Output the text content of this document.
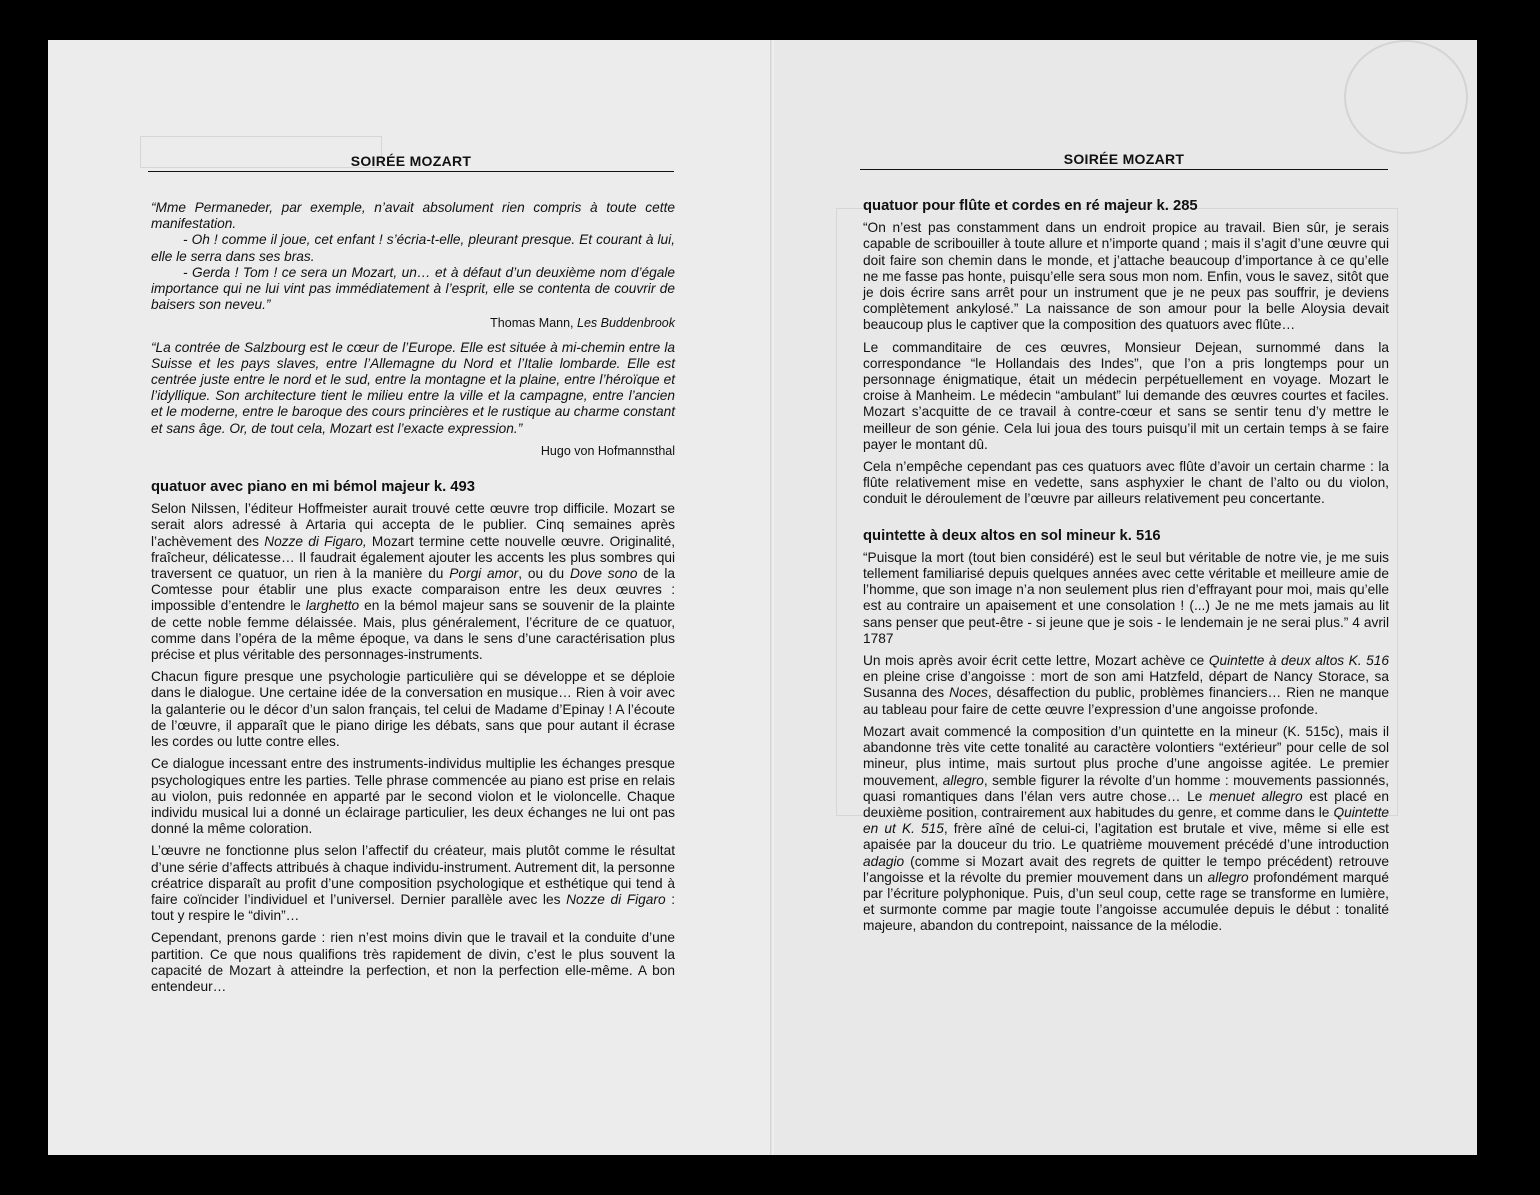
SOIRÉE MOZART
“Mme Permaneder, par exemple, n’avait absolument rien compris à toute cette manifestation.
- Oh ! comme il joue, cet enfant ! s’écria-t-elle, pleurant presque. Et courant à lui, elle le serra dans ses bras.
- Gerda ! Tom ! ce sera un Mozart, un… et à défaut d’un deuxième nom d’égale importance qui ne lui vint pas immédiatement à l’esprit, elle se contenta de couvrir de baisers son neveu.”
Thomas Mann, Les Buddenbrook

“La contrée de Salzbourg est le cœur de l’Europe. Elle est située à mi-chemin entre la Suisse et les pays slaves, entre l’Allemagne du Nord et l’Italie lombarde. Elle est centrée juste entre le nord et le sud, entre la montagne et la plaine, entre l’héroïque et l’idyllique. Son architecture tient le milieu entre la ville et la campagne, entre l’ancien et le moderne, entre le baroque des cours princières et le rustique au charme constant et sans âge. Or, de tout cela, Mozart est l’exacte expression.”

Hugo von Hofmannsthal
quatuor avec piano en mi bémol majeur k. 493

Selon Nilssen, l’éditeur Hoffmeister aurait trouvé cette œuvre trop difficile. Mozart se serait alors adressé à Artaria qui accepta de le publier. Cinq semaines après l’achèvement des Nozze di Figaro, Mozart termine cette nouvelle œuvre. Originalité, fraîcheur, délicatesse… Il faudrait également ajouter les accents les plus sombres qui traversent ce quatuor, un rien à la manière du Porgi amor, ou du Dove sono de la Comtesse pour établir une plus exacte comparaison entre les deux œuvres : impossible d’entendre le larghetto en la bémol majeur sans se souvenir de la plainte de cette noble femme délaissée. Mais, plus généralement, l’écriture de ce quatuor, comme dans l’opéra de la même époque, va dans le sens d’une caractérisation plus précise et plus véritable des personnages-instruments.

Chacun figure presque une psychologie particulière qui se développe et se déploie dans le dialogue. Une certaine idée de la conversation en musique… Rien à voir avec la galanterie ou le décor d’un salon français, tel celui de Madame d’Epinay ! A l’écoute de l’œuvre, il apparaît que le piano dirige les débats, sans que pour autant il écrase les cordes ou lutte contre elles.

Ce dialogue incessant entre des instruments-individus multiplie les échanges presque psychologiques entre les parties. Telle phrase commencée au piano est prise en relais au violon, puis redonnée en apparté par le second violon et le violoncelle. Chaque individu musical lui a donné un éclairage particulier, les deux échanges ne lui ont pas donné la même coloration.

L’œuvre ne fonctionne plus selon l’affectif du créateur, mais plutôt comme le résultat d’une série d’affects attribués à chaque individu-instrument. Autrement dit, la personne créatrice disparaît au profit d’une composition psychologique et esthétique qui tend à faire coïncider l’individuel et l’universel. Dernier parallèle avec les Nozze di Figaro : tout y respire le “divin”…

Cependant, prenons garde : rien n’est moins divin que le travail et la conduite d’une partition. Ce que nous qualifions très rapidement de divin, c’est le plus souvent la capacité de Mozart à atteindre la perfection, et non la perfection elle-même. A bon entendeur…

SOIRÉE MOZART
quatuor pour flûte et cordes en ré majeur k. 285

“On n’est pas constamment dans un endroit propice au travail. Bien sûr, je serais capable de scribouiller à toute allure et n’importe quand ; mais il s’agit d’une œuvre qui doit faire son chemin dans le monde, et j’attache beaucoup d’importance à ce qu’elle ne me fasse pas honte, puisqu’elle sera sous mon nom. Enfin, vous le savez, sitôt que je dois écrire sans arrêt pour un instrument que je ne peux pas souffrir, je deviens complètement ankylosé.” La naissance de son amour pour la belle Aloysia devait beaucoup plus le captiver que la composition des quatuors avec flûte…

Le commanditaire de ces œuvres, Monsieur Dejean, surnommé dans la correspondance “le Hollandais des Indes”, que l’on a pris longtemps pour un personnage énigmatique, était un médecin perpétuellement en voyage. Mozart le croise à Manheim. Le médecin “ambulant” lui demande des œuvres courtes et faciles. Mozart s’acquitte de ce travail à contre-cœur et sans se sentir tenu d’y mettre le meilleur de son génie. Cela lui joua des tours puisqu’il mit un certain temps à se faire payer le montant dû.

Cela n’empêche cependant pas ces quatuors avec flûte d’avoir un certain charme : la flûte relativement mise en vedette, sans asphyxier le chant de l’alto ou du violon, conduit le déroulement de l’œuvre par ailleurs relativement peu concertante.

quintette à deux altos en sol mineur k. 516

“Puisque la mort (tout bien considéré) est le seul but véritable de notre vie, je me suis tellement familiarisé depuis quelques années avec cette véritable et meilleure amie de l’homme, que son image n’a non seulement plus rien d’effrayant pour moi, mais qu’elle est au contraire un apaisement et une consolation ! (...) Je ne me mets jamais au lit sans penser que peut-être - si jeune que je sois - le lendemain je ne serai plus.” 4 avril 1787

Un mois après avoir écrit cette lettre, Mozart achève ce Quintette à deux altos K. 516 en pleine crise d’angoisse : mort de son ami Hatzfeld, départ de Nancy Storace, sa Susanna des Noces, désaffection du public, problèmes financiers… Rien ne manque au tableau pour faire de cette œuvre l’expression d’une angoisse profonde.

Mozart avait commencé la composition d’un quintette en la mineur (K. 515c), mais il abandonne très vite cette tonalité au caractère volontiers “extérieur” pour celle de sol mineur, plus intime, mais surtout plus proche d’une angoisse agitée. Le premier mouvement, allegro, semble figurer la révolte d’un homme : mouvements passionnés, quasi romantiques dans l’élan vers autre chose… Le menuet allegro est placé en deuxième position, contrairement aux habitudes du genre, et comme dans le Quintette en ut K. 515, frère aîné de celui-ci, l’agitation est brutale et vive, même si elle est apaisée par la douceur du trio. Le quatrième mouvement précédé d’une introduction adagio (comme si Mozart avait des regrets de quitter le tempo précédent) retrouve l’angoisse et la révolte du premier mouvement dans un allegro profondément marqué par l’écriture polyphonique. Puis, d’un seul coup, cette rage se transforme en lumière, et surmonte comme par magie toute l’angoisse accumulée depuis le début : tonalité majeure, abandon du contrepoint, naissance de la mélodie.
